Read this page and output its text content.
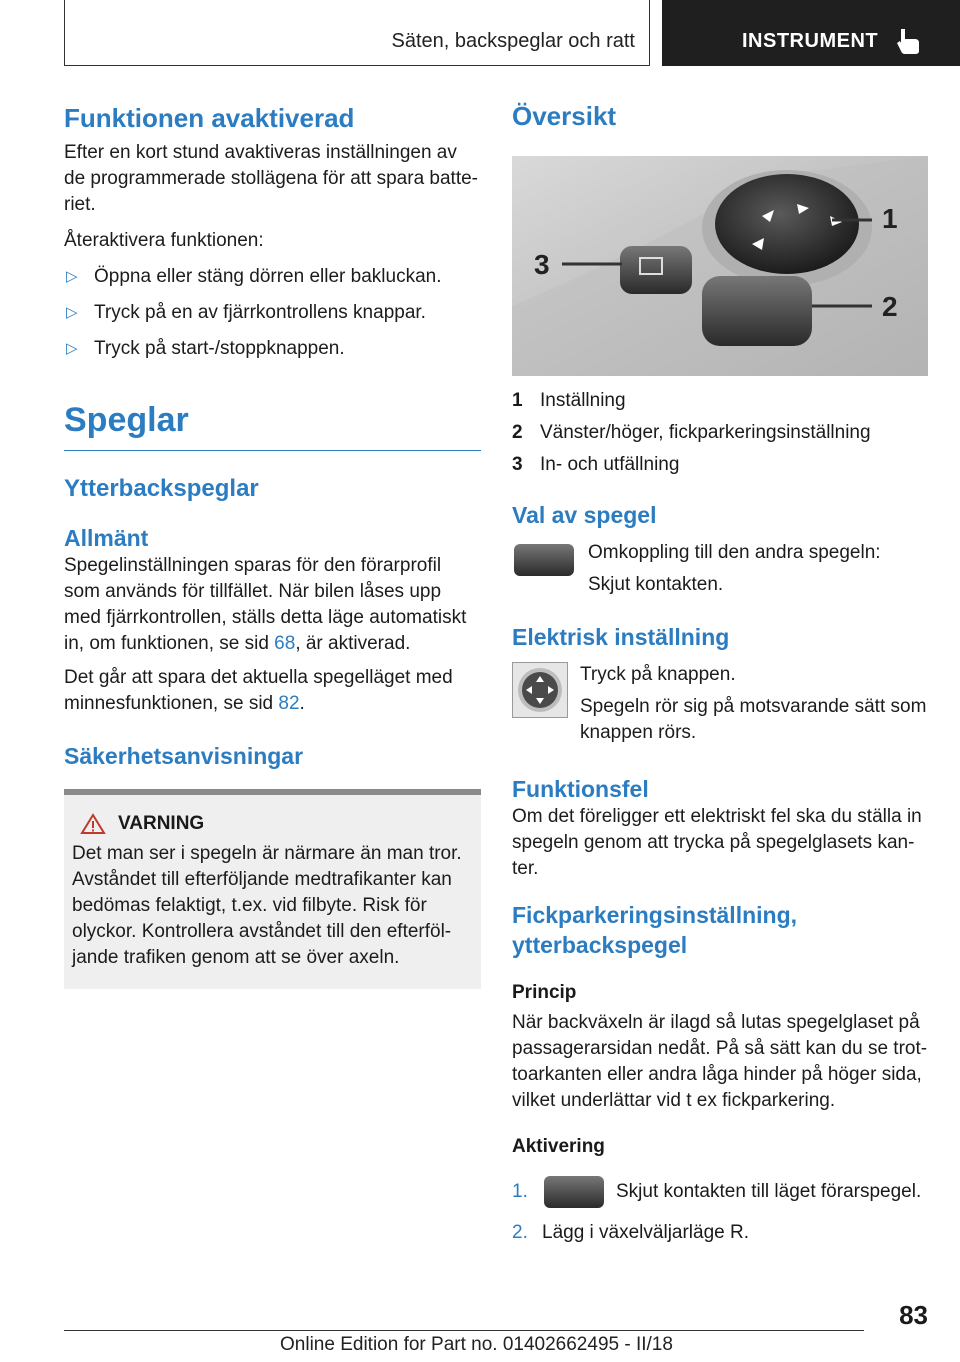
Säten, backspeglar och ratt	INSTRUMENT
Funktionen avaktiverad

Efter en kort stund avaktiveras inställningen av de programmerade stollägena för att spara batte-riet.

Återaktivera funktionen:

▷ Öppna eller stäng dörren eller bakluckan.
▷ Tryck på en av fjärrkontrollens knappar.
▷ Tryck på start-/stoppknappen.
Speglar
Ytterbackspeglar
Allmänt

Spegelinställningen sparas för den förarprofil som används för tillfället. När bilen låses upp med fjärrkontrollen, ställs detta läge automatiskt in, om funktionen, se sid 68, är aktiverad.

Det går att spara det aktuella spegelläget med minnesfunktionen, se sid 82.

Säkerhetsanvisningar
VARNING

Det man ser i spegeln är närmare än man tror. Avståndet till efterföljande medtrafikanter kan bedömas felaktigt, t.ex. vid filbyte. Risk för olyckor. Kontrollera avståndet till den efterföl-jande trafiken genom att se över axeln.

Översikt
1
2
3
1 Inställning
2 Vänster/höger, fickparkeringsinställning
3 In- och utfällning
Val av spegel

Omkoppling till den andra spegeln:

Skjut kontakten.

Elektrisk inställning

Tryck på knappen.

Spegeln rör sig på motsvarande sätt som knappen rörs.

Funktionsfel

Om det föreligger ett elektriskt fel ska du ställa in spegeln genom att trycka på spegelglasets kan-ter.

Fickparkeringsinställning, ytterbackspegel
Princip

När backväxeln är ilagd så lutas spegelglaset på passagerarsidan nedåt. På så sätt kan du se trot-toarkanten eller andra låga hinder på höger sida, vilket underlättar vid t ex fickparkering.

Aktivering
1.	Skjut kontakten till läget förarspegel.
2. Lägg i växelväljarläge R.
83
Online Edition for Part no. 01402662495 - II/18
